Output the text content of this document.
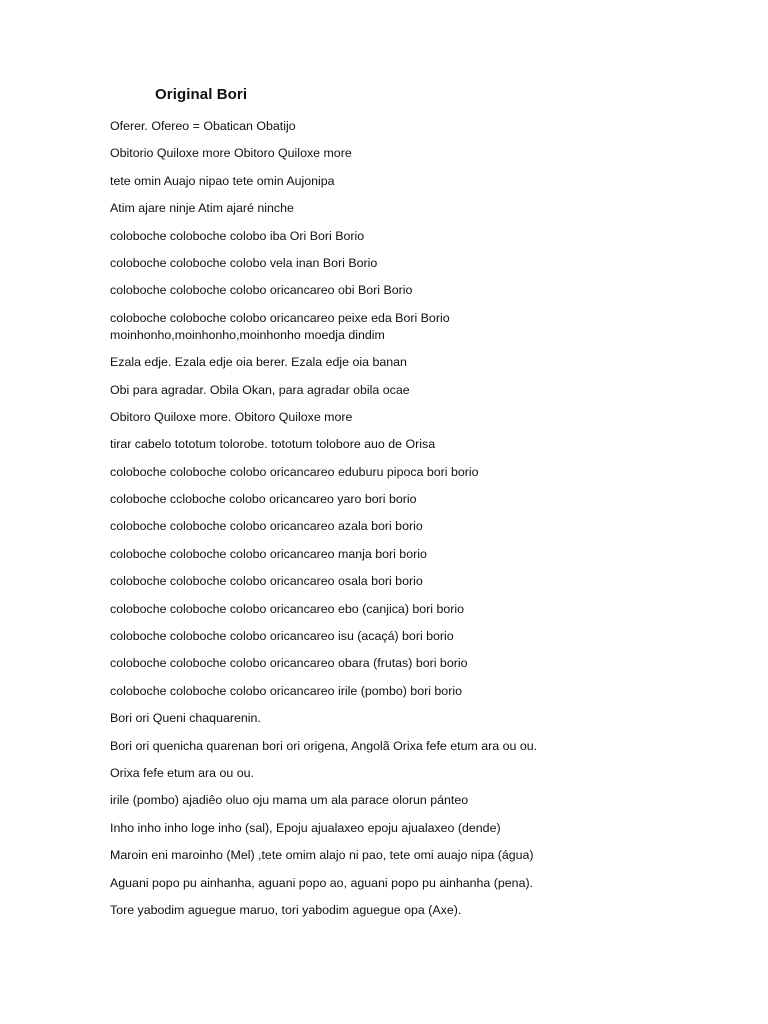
Original Bori
Oferer. Ofereo = Obatican Obatijo
Obitorio Quiloxe more Obitoro Quiloxe more
tete omin Auajo nipao tete omin Aujonipa
Atim ajare ninje Atim ajaré ninche
coloboche coloboche colobo iba Ori Bori Borio
coloboche coloboche colobo vela inan Bori Borio
coloboche coloboche colobo oricancareo obi Bori Borio
coloboche coloboche colobo oricancareo peixe eda Bori Borio
moinhonho,moinhonho,moinhonho moedja dindim
Ezala edje. Ezala edje oia berer. Ezala edje oia banan
Obi para agradar. Obila Okan, para agradar obila ocae
Obitoro Quiloxe more. Obitoro Quiloxe more
tirar cabelo tototum tolorobe. tototum tolobore auo de Orisa
coloboche coloboche colobo oricancareo eduburu pipoca bori borio
coloboche ccloboche colobo oricancareo yaro bori borio
coloboche coloboche colobo oricancareo azala bori borio
coloboche coloboche colobo oricancareo manja bori borio
coloboche coloboche colobo oricancareo osala bori borio
coloboche coloboche colobo oricancareo ebo (canjica) bori borio
coloboche coloboche colobo oricancareo isu (acaçá) bori borio
coloboche coloboche colobo oricancareo obara (frutas) bori borio
coloboche coloboche colobo oricancareo irile (pombo) bori borio
Bori ori Queni chaquarenin.
Bori ori quenicha quarenan bori ori origena, Angolã Orixa fefe etum ara ou ou.
Orixa fefe etum ara ou ou.
irile (pombo) ajadiêo oluo oju mama um ala parace olorun pánteo
Inho inho inho loge inho (sal), Epoju ajualaxeo epoju ajualaxeo (dende)
Maroin eni maroinho (Mel) ,tete omim alajo ni pao, tete omi auajo nipa (água)
Aguani popo pu ainhanha, aguani popo ao, aguani popo pu ainhanha (pena).
Tore yabodim aguegue maruo, tori yabodim aguegue opa (Axe).
